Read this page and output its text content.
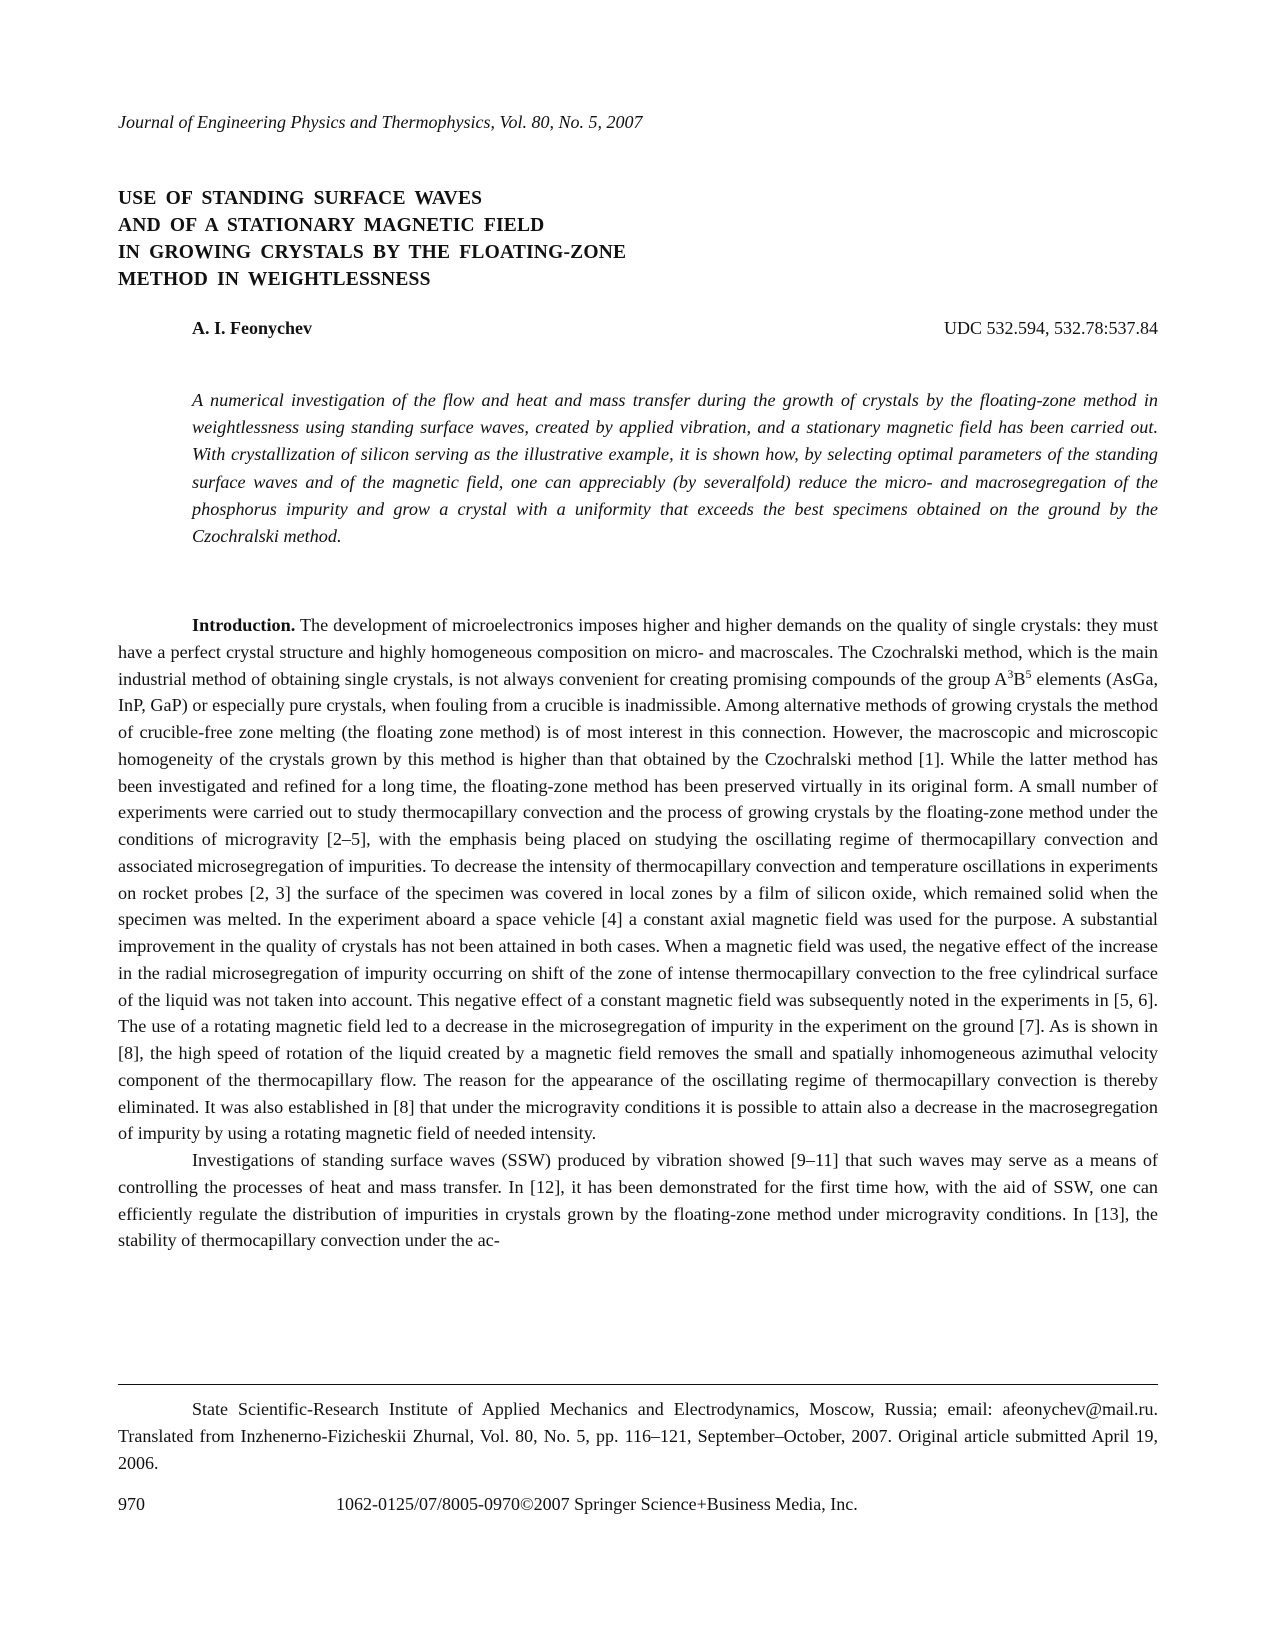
Journal of Engineering Physics and Thermophysics, Vol. 80, No. 5, 2007
USE OF STANDING SURFACE WAVES
AND OF A STATIONARY MAGNETIC FIELD
IN GROWING CRYSTALS BY THE FLOATING-ZONE
METHOD IN WEIGHTLESSNESS
A. I. Feonychev	UDC 532.594, 532.78:537.84
A numerical investigation of the flow and heat and mass transfer during the growth of crystals by the floating-zone method in weightlessness using standing surface waves, created by applied vibration, and a stationary magnetic field has been carried out. With crystallization of silicon serving as the illustrative example, it is shown how, by selecting optimal parameters of the standing surface waves and of the magnetic field, one can appreciably (by severalfold) reduce the micro- and macrosegregation of the phosphorus impurity and grow a crystal with a uniformity that exceeds the best specimens obtained on the ground by the Czochralski method.

Introduction. The development of microelectronics imposes higher and higher demands on the quality of single crystals: they must have a perfect crystal structure and highly homogeneous composition on micro- and macroscales. The Czochralski method, which is the main industrial method of obtaining single crystals, is not always convenient for creating promising compounds of the group $A^3B^5$ elements (AsGa, InP, GaP) or especially pure crystals, when fouling from a crucible is inadmissible. Among alternative methods of growing crystals the method of crucible-free zone melting (the floating zone method) is of most interest in this connection. However, the macroscopic and microscopic homogeneity of the crystals grown by this method is higher than that obtained by the Czochralski method [1]. While the latter method has been investigated and refined for a long time, the floating-zone method has been preserved virtually in its original form. A small number of experiments were carried out to study thermocapillary convection and the process of growing crystals by the floating-zone method under the conditions of microgravity [2–5], with the emphasis being placed on studying the oscillating regime of thermocapillary convection and associated microsegregation of impurities. To decrease the intensity of thermocapillary convection and temperature oscillations in experiments on rocket probes [2, 3] the surface of the specimen was covered in local zones by a film of silicon oxide, which remained solid when the specimen was melted. In the experiment aboard a space vehicle [4] a constant axial magnetic field was used for the purpose. A substantial improvement in the quality of crystals has not been attained in both cases. When a magnetic field was used, the negative effect of the increase in the radial microsegregation of impurity occurring on shift of the zone of intense thermocapillary convection to the free cylindrical surface of the liquid was not taken into account. This negative effect of a constant magnetic field was subsequently noted in the experiments in [5, 6]. The use of a rotating magnetic field led to a decrease in the microsegregation of impurity in the experiment on the ground [7]. As is shown in [8], the high speed of rotation of the liquid created by a magnetic field removes the small and spatially inhomogeneous azimuthal velocity component of the thermocapillary flow. The reason for the appearance of the oscillating regime of thermocapillary convection is thereby eliminated. It was also established in [8] that under the microgravity conditions it is possible to attain also a decrease in the macrosegregation of impurity by using a rotating magnetic field of needed intensity.

Investigations of standing surface waves (SSW) produced by vibration showed [9–11] that such waves may serve as a means of controlling the processes of heat and mass transfer. In [12], it has been demonstrated for the first time how, with the aid of SSW, one can efficiently regulate the distribution of impurities in crystals grown by the floating-zone method under microgravity conditions. In [13], the stability of thermocapillary convection under the ac-

State Scientific-Research Institute of Applied Mechanics and Electrodynamics, Moscow, Russia; email: afeonychev@mail.ru. Translated from Inzhenerno-Fizicheskii Zhurnal, Vol. 80, No. 5, pp. 116–121, September–October, 2007. Original article submitted April 19, 2006.

970	1062-0125/07/8005-0970©2007 Springer Science+Business Media, Inc.
